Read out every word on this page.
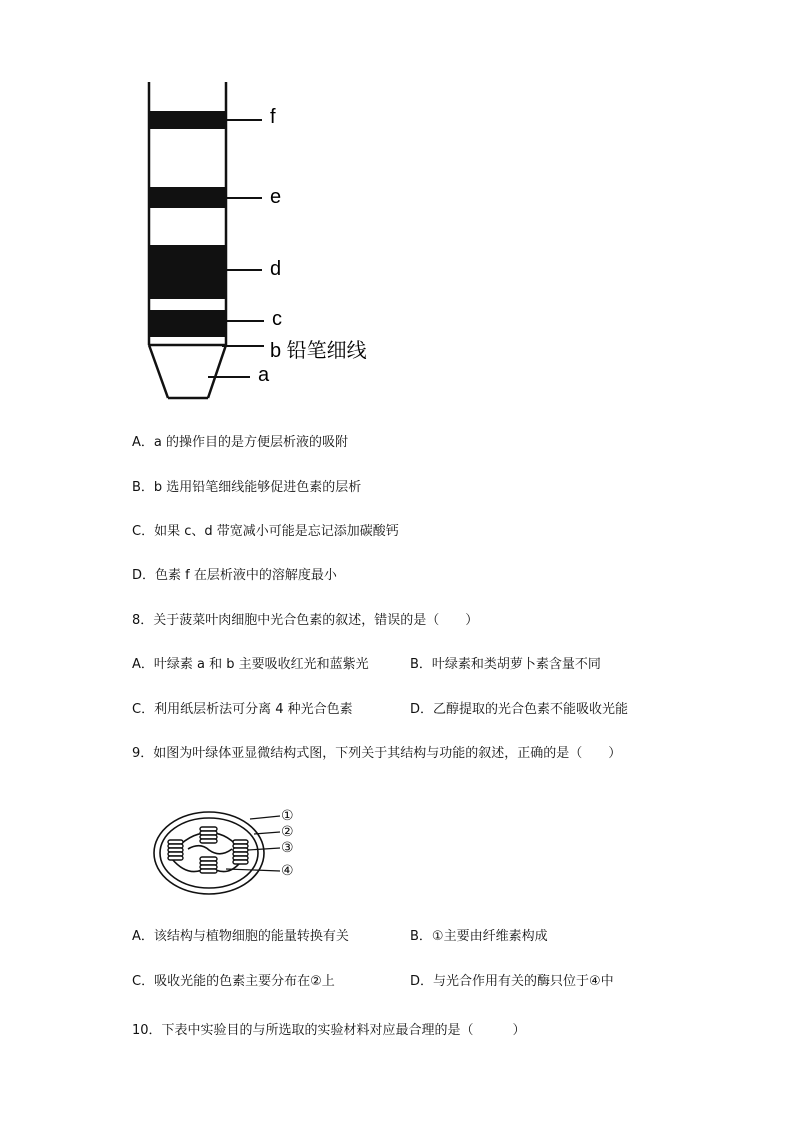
f
e
d
c
b 铅笔细线
a
A．a 的操作目的是方便层析液的吸附
B．b 选用铅笔细线能够促进色素的层析
C．如果 c、d 带宽减小可能是忘记添加碳酸钙
D．色素 f 在层析液中的溶解度最小
8．关于菠菜叶肉细胞中光合色素的叙述，错误的是（　　）
A．叶绿素 a 和 b 主要吸收红光和蓝紫光	B．叶绿素和类胡萝卜素含量不同
C．利用纸层析法可分离 4 种光合色素	D．乙醇提取的光合色素不能吸收光能
9．如图为叶绿体亚显微结构式图，下列关于其结构与功能的叙述，正确的是（　　）
①
②
③
④
A．该结构与植物细胞的能量转换有关	B．①主要由纤维素构成
C．吸收光能的色素主要分布在②上	D．与光合作用有关的酶只位于④中
10．下表中实验目的与所选取的实验材料对应最合理的是（　　　）
